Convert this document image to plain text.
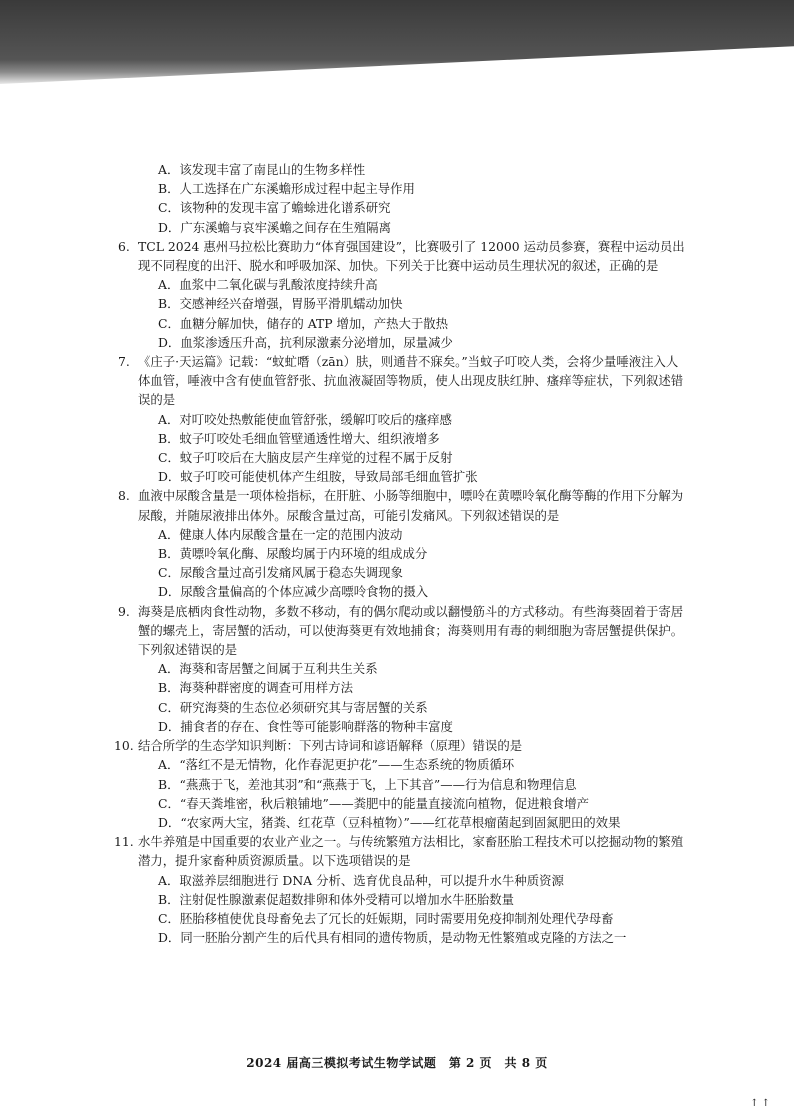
A．该发现丰富了南昆山的生物多样性

B．人工选择在广东溪蟾形成过程中起主导作用

C．该物种的发现丰富了蟾蜍进化谱系研究

D．广东溪蟾与哀牢溪蟾之间存在生殖隔离

6. TCL 2024 惠州马拉松比赛助力“体育强国建设”，比赛吸引了 12000 运动员参赛，赛程中运动员出现不同程度的出汗、脱水和呼吸加深、加快。下列关于比赛中运动员生理状况的叙述，正确的是

A．血浆中二氧化碳与乳酸浓度持续升高

B．交感神经兴奋增强，胃肠平滑肌蠕动加快

C．血糖分解加快，储存的 ATP 增加，产热大于散热

D．血浆渗透压升高，抗利尿激素分泌增加，尿量减少

7. 《庄子·天运篇》记载：“蚊虻噆（zān）肤，则通昔不寐矣。”当蚊子叮咬人类，会将少量唾液注入人体血管，唾液中含有使血管舒张、抗血液凝固等物质，使人出现皮肤红肿、瘙痒等症状，下列叙述错误的是

A．对叮咬处热敷能使血管舒张，缓解叮咬后的瘙痒感

B．蚊子叮咬处毛细血管壁通透性增大、组织液增多

C．蚊子叮咬后在大脑皮层产生痒觉的过程不属于反射

D．蚊子叮咬可能使机体产生组胺，导致局部毛细血管扩张

8. 血液中尿酸含量是一项体检指标，在肝脏、小肠等细胞中，嘌呤在黄嘌呤氧化酶等酶的作用下分解为尿酸，并随尿液排出体外。尿酸含量过高，可能引发痛风。下列叙述错误的是

A．健康人体内尿酸含量在一定的范围内波动

B．黄嘌呤氧化酶、尿酸均属于内环境的组成成分

C．尿酸含量过高引发痛风属于稳态失调现象

D．尿酸含量偏高的个体应减少高嘌呤食物的摄入

9. 海葵是底栖肉食性动物，多数不移动，有的偶尔爬动或以翻慢筋斗的方式移动。有些海葵固着于寄居蟹的螺壳上，寄居蟹的活动，可以使海葵更有效地捕食；海葵则用有毒的刺细胞为寄居蟹提供保护。下列叙述错误的是

A．海葵和寄居蟹之间属于互利共生关系

B．海葵种群密度的调查可用样方法

C．研究海葵的生态位必须研究其与寄居蟹的关系

D．捕食者的存在、食性等可能影响群落的物种丰富度

10. 结合所学的生态学知识判断：下列古诗词和谚语解释（原理）错误的是

A．“落红不是无情物，化作春泥更护花”——生态系统的物质循环

B．“燕燕于飞，差池其羽”和“燕燕于飞，上下其音”——行为信息和物理信息

C．“春天粪堆密，秋后粮铺地”——粪肥中的能量直接流向植物，促进粮食增产

D．“农家两大宝，猪粪、红花草（豆科植物）”——红花草根瘤菌起到固氮肥田的效果

11. 水牛养殖是中国重要的农业产业之一。与传统繁殖方法相比，家畜胚胎工程技术可以挖掘动物的繁殖潜力，提升家畜种质资源质量。以下选项错误的是

A．取滋养层细胞进行 DNA 分析、选育优良品种，可以提升水牛种质资源

B．注射促性腺激素促超数排卵和体外受精可以增加水牛胚胎数量

C．胚胎移植使优良母畜免去了冗长的妊娠期，同时需要用免疫抑制剂处理代孕母畜

D．同一胚胎分割产生的后代具有相同的遗传物质，是动物无性繁殖或克隆的方法之一

2024 届高三模拟考试生物学试题　第 2 页　共 8 页
↑ ↑
